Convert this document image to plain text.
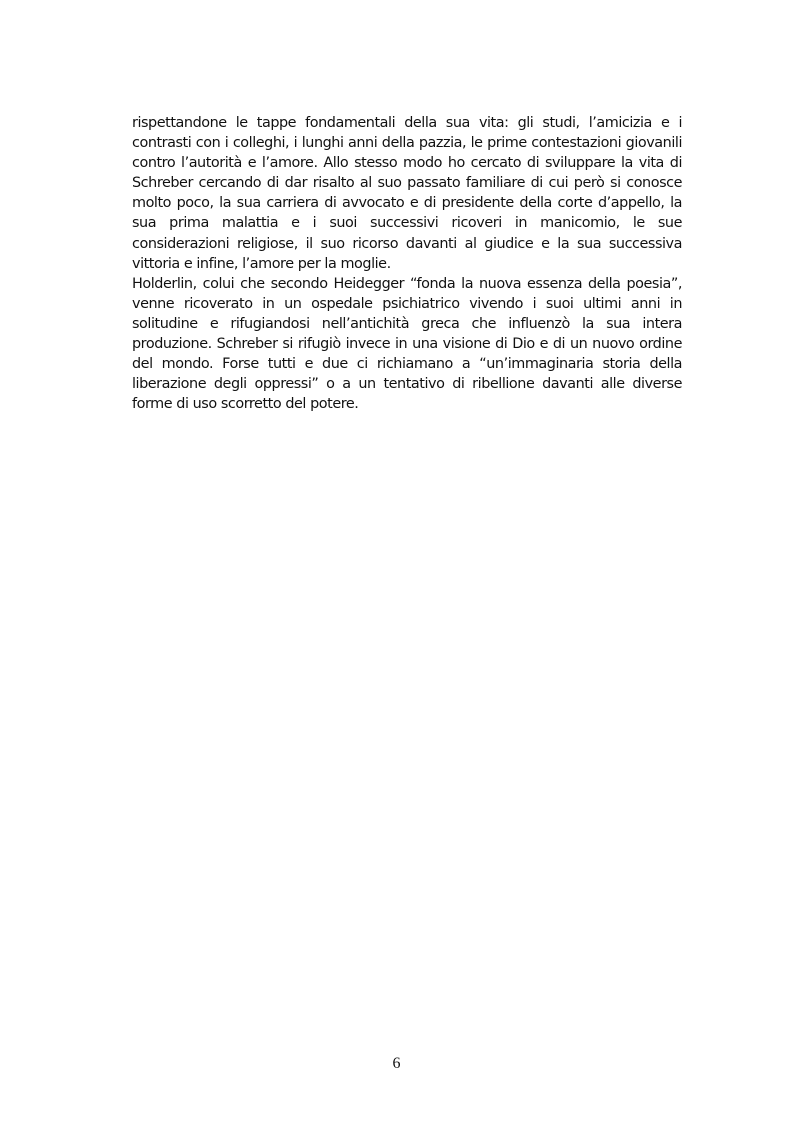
rispettandone le tappe fondamentali della sua vita: gli studi, l’amicizia e i contrasti con i colleghi, i lunghi anni della pazzia, le prime contestazioni giovanili contro l’autorità e l’amore. Allo stesso modo ho cercato di sviluppare la vita di Schreber cercando di dar risalto al suo passato familiare di cui però si conosce molto poco, la sua carriera di avvocato e di presidente della corte d’appello, la sua prima malattia e i suoi successivi ricoveri in manicomio, le sue considerazioni religiose, il suo ricorso davanti al giudice e la sua successiva vittoria e infine, l’amore per la moglie.

Holderlin, colui che secondo Heidegger “fonda la nuova essenza della poesia”, venne ricoverato in un ospedale psichiatrico vivendo i suoi ultimi anni in solitudine e rifugiandosi nell’antichità greca che influenzò la sua intera produzione. Schreber si rifugiò invece in una visione di Dio e di un nuovo ordine del mondo. Forse tutti e due ci richiamano a “un’immaginaria storia della liberazione degli oppressi” o a un tentativo di ribellione davanti alle diverse forme di uso scorretto del potere.

6
